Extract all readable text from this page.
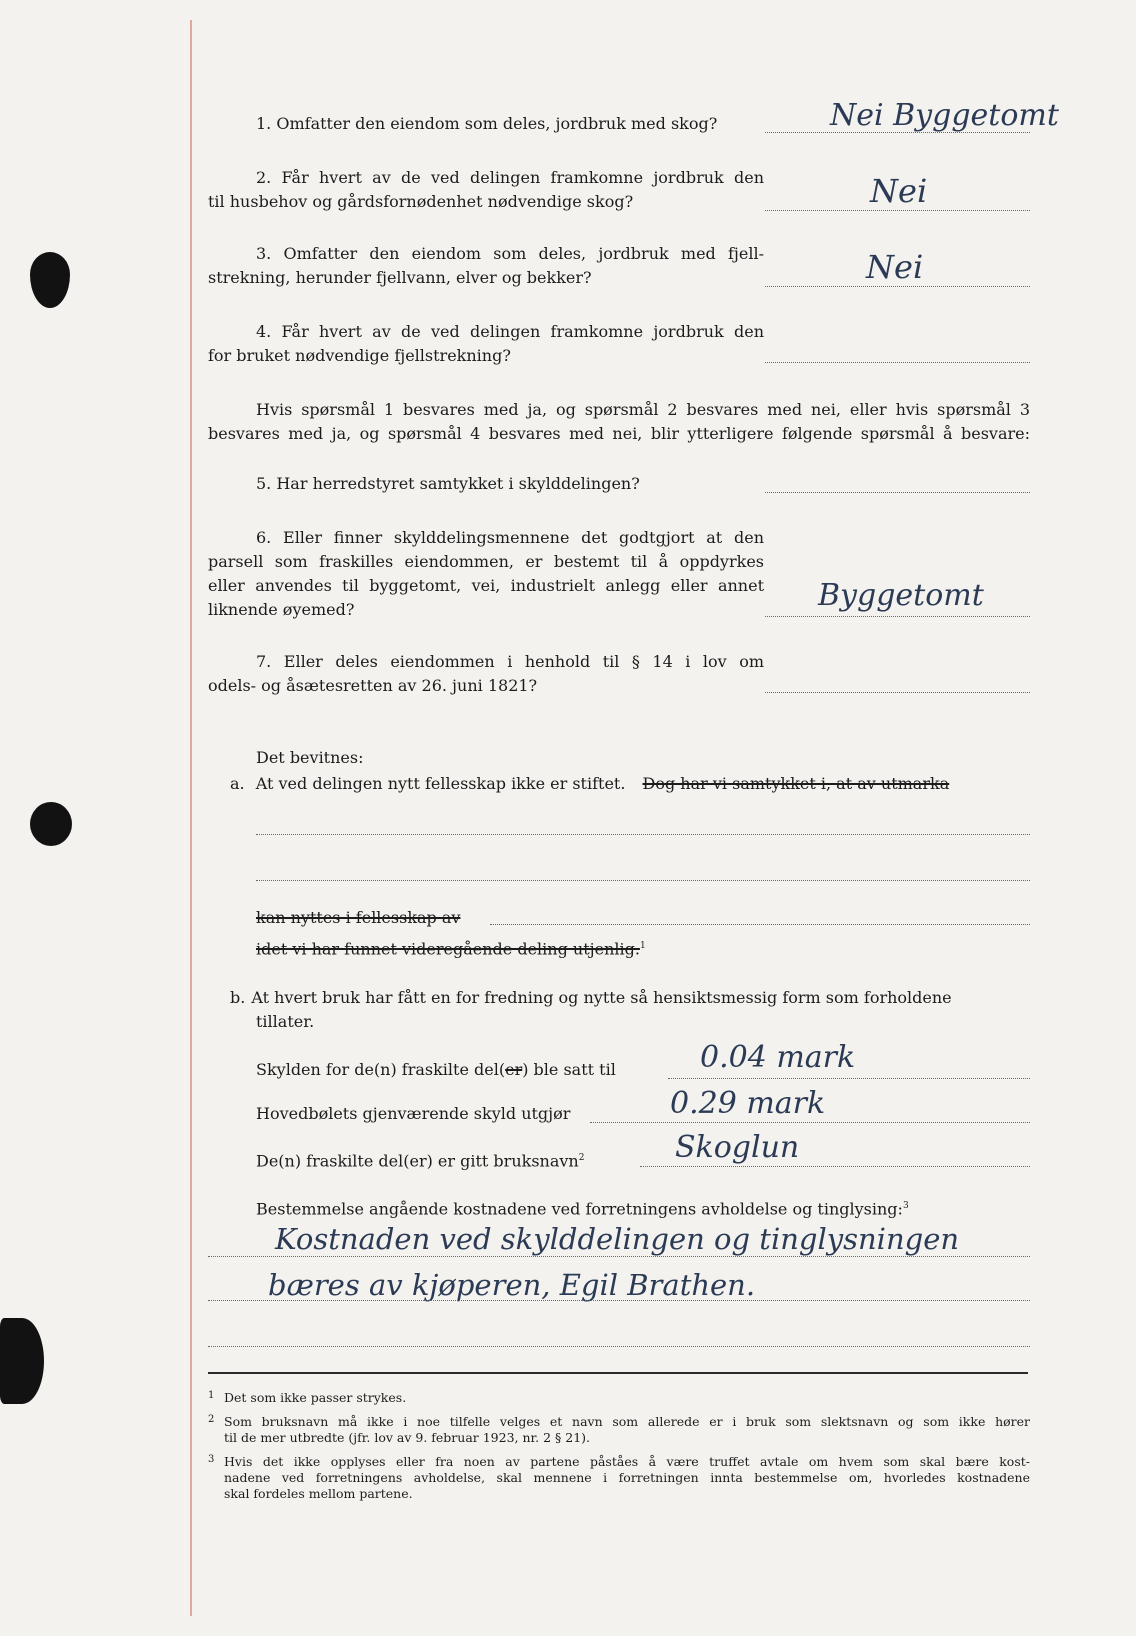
1. Omfatter den eiendom som deles, jordbruk med skog?	Nei Byggetomt
2. Får hvert av de ved delingen framkomne jordbruk den
til husbehov og gårdsfornødenhet nødvendige skog?	Nei
3. Omfatter den eiendom som deles, jordbruk med fjell-
strekning, herunder fjellvann, elver og bekker?	Nei
4. Får hvert av de ved delingen framkomne jordbruk den
for bruket nødvendige fjellstrekning?
Hvis spørsmål 1 besvares med ja, og spørsmål 2 besvares med nei, eller hvis spørsmål 3
besvares med ja, og spørsmål 4 besvares med nei, blir ytterligere følgende spørsmål å besvare:
5. Har herredstyret samtykket i skylddelingen?
6. Eller finner skylddelingsmennene det godtgjort at den
parsell som fraskilles eiendommen, er bestemt til å oppdyrkes
eller anvendes til byggetomt, vei, industrielt anlegg eller annet
liknende øyemed?	Byggetomt
7. Eller deles eiendommen i henhold til § 14 i lov om
odels- og åsætesretten av 26. juni 1821?
Det bevitnes:
a. At ved delingen nytt fellesskap ikke er stiftet. Dog har vi samtykket i, at av utmarka
kan nyttes i fellesskap av
idet vi har funnet videregående deling utjenlig.$^1$
b. At hvert bruk har fått en for fredning og nytte så hensiktsmessig form som forholdene
tillater.
Skylden for de(n) fraskilte del(er) ble satt til	0.04 mark
Hovedbølets gjenværende skyld utgjør	0.29 mark
De(n) fraskilte del(er) er gitt bruksnavn$^2$	Skoglun
Bestemmelse angående kostnadene ved forretningens avholdelse og tinglysing:$^3$
Kostnaden ved skylddelingen og tinglysningen
bæres av kjøperen, Egil Brathen.
1 Det som ikke passer strykes.
2 Som bruksnavn må ikke i noe tilfelle velges et navn som allerede er i bruk som slektsnavn og som ikke hører
til de mer utbredte (jfr. lov av 9. februar 1923, nr. 2 § 21).
3 Hvis det ikke opplyses eller fra noen av partene påståes å være truffet avtale om hvem som skal bære kost-
nadene ved forretningens avholdelse, skal mennene i forretningen innta bestemmelse om, hvorledes kostnadene
skal fordeles mellom partene.
